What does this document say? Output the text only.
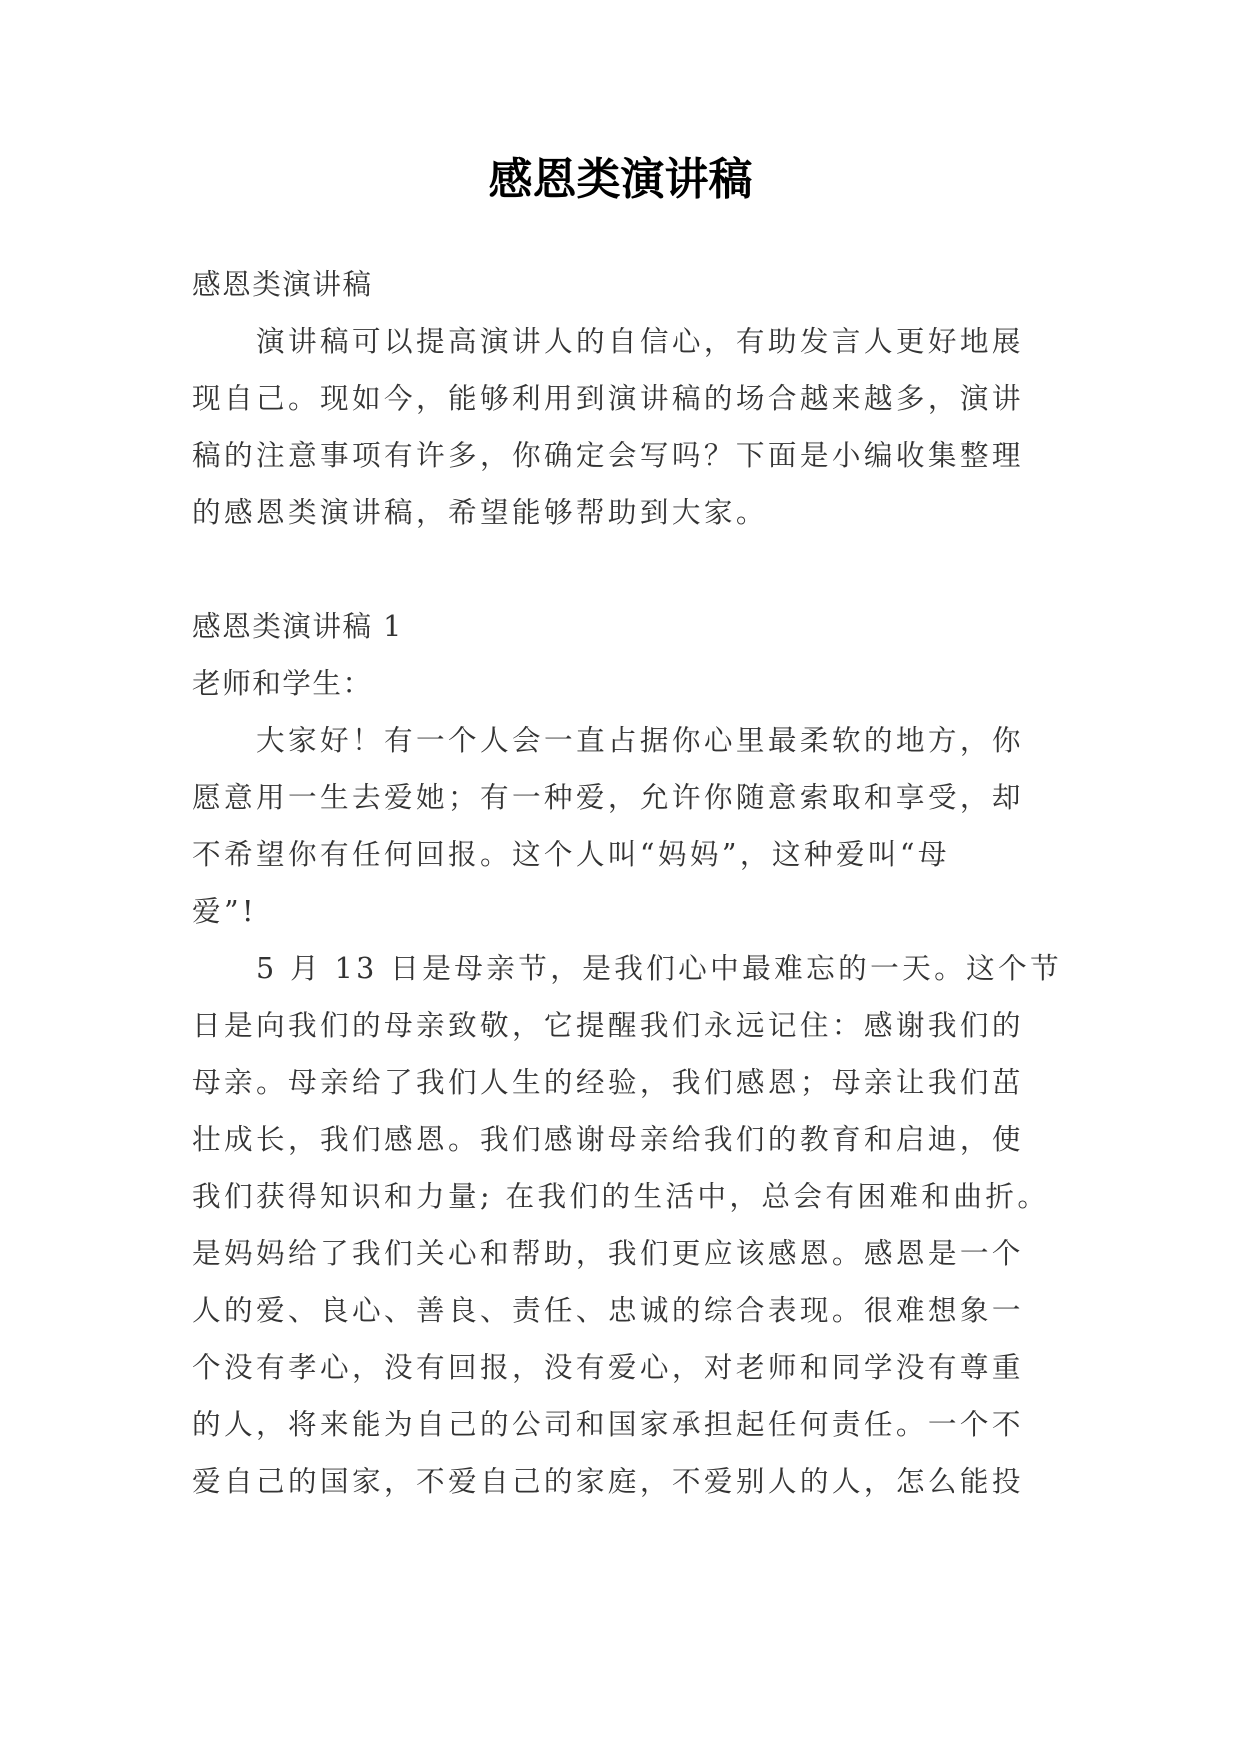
感恩类演讲稿

感恩类演讲稿

演讲稿可以提高演讲人的自信心，有助发言人更好地展

现自己。现如今，能够利用到演讲稿的场合越来越多，演讲

稿的注意事项有许多，你确定会写吗？下面是小编收集整理

的感恩类演讲稿，希望能够帮助到大家。

感恩类演讲稿 1

老师和学生：

大家好！有一个人会一直占据你心里最柔软的地方，你

愿意用一生去爱她；有一种爱，允许你随意索取和享受，却

不希望你有任何回报。这个人叫“妈妈”，这种爱叫“母

爱”!

5 月 13 日是母亲节，是我们心中最难忘的一天。这个节

日是向我们的母亲致敬，它提醒我们永远记住：感谢我们的

母亲。母亲给了我们人生的经验，我们感恩；母亲让我们茁

壮成长，我们感恩。我们感谢母亲给我们的教育和启迪，使

我们获得知识和力量; 在我们的生活中，总会有困难和曲折。

是妈妈给了我们关心和帮助，我们更应该感恩。感恩是一个

人的爱、良心、善良、责任、忠诚的综合表现。很难想象一

个没有孝心，没有回报，没有爱心，对老师和同学没有尊重

的人，将来能为自己的公司和国家承担起任何责任。一个不

爱自己的国家，不爱自己的家庭，不爱别人的人，怎么能投
